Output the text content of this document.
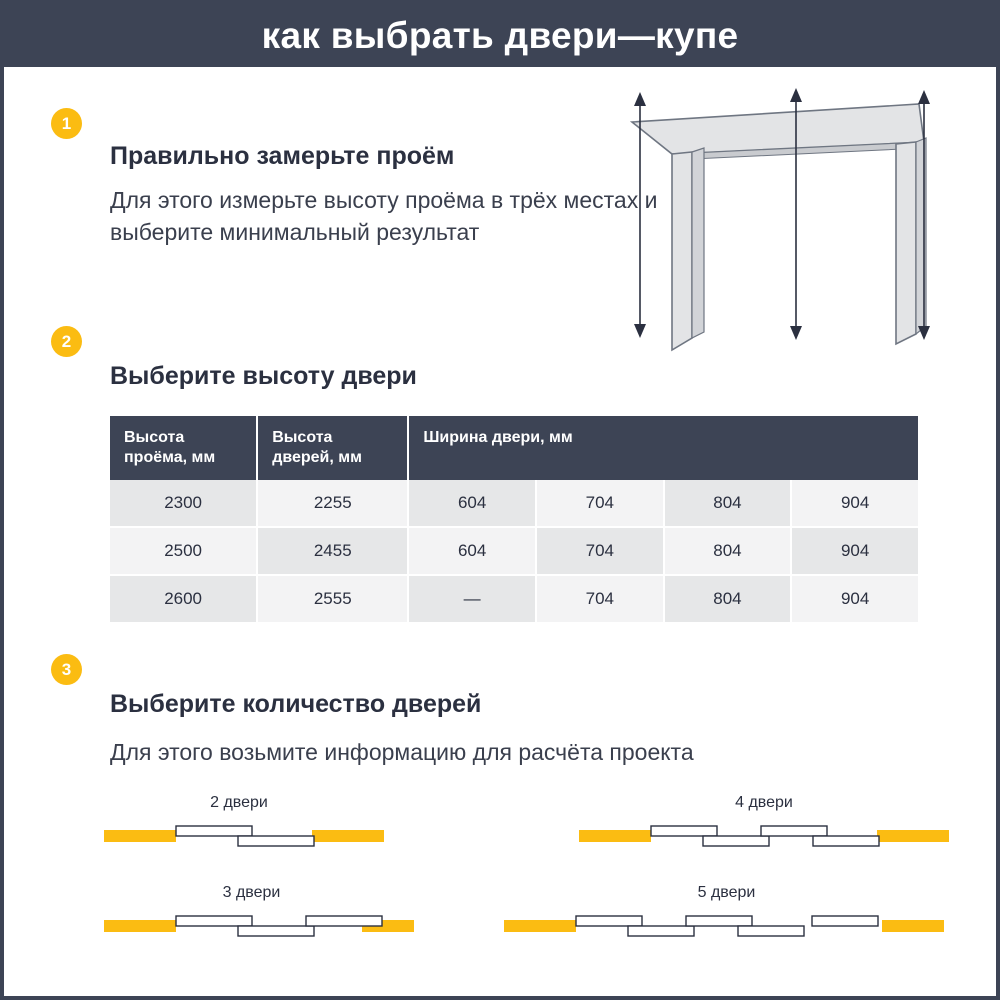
как выбрать двери—купе
1
Правильно замерьте проём
Для этого измерьте высоту проёма в трёх местах и выберите минимальный результат
2
Выберите высоту двери
Высота проёма, мм	Высота дверей, мм	Ширина двери, мм			
2300	2255	604	704	804	904
2500	2455	604	704	804	904
2600	2555	—	704	804	904
3
Выберите количество дверей
Для этого возьмите информацию для расчёта проекта
2 двери	4 двери
3 двери	5 двери
